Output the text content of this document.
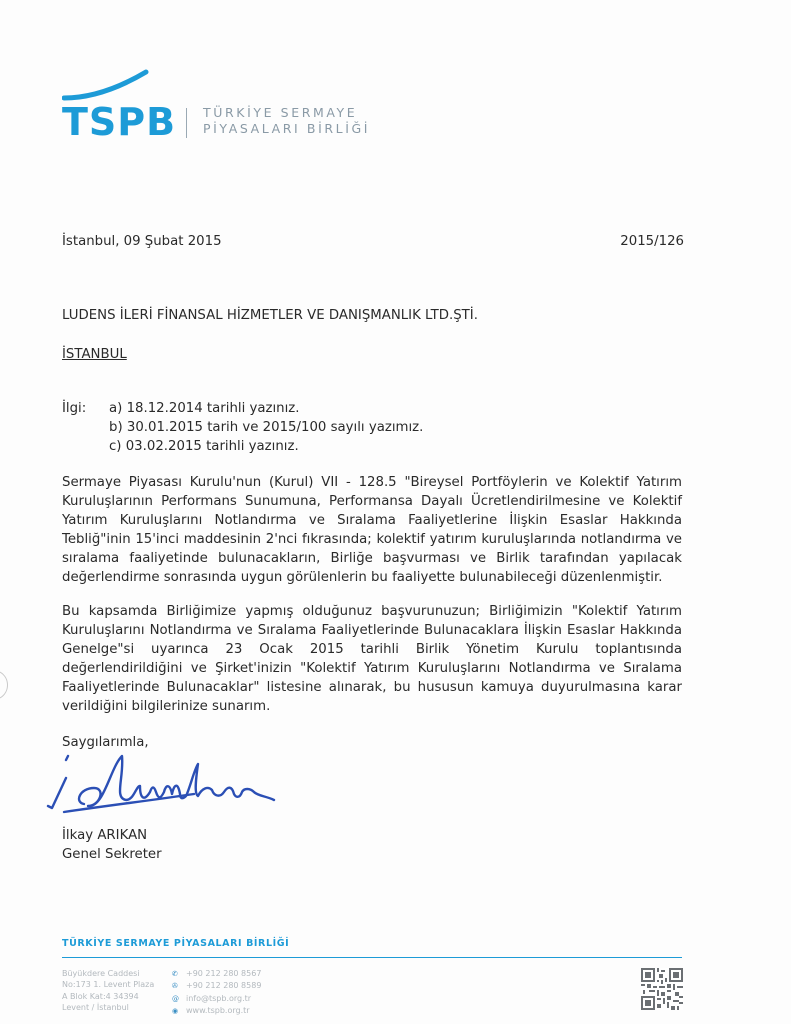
TSPB TÜRKİYE SERMAYE
PİYASALARI BİRLİĞİ
İstanbul, 09 Şubat 2015	2015/126
LUDENS İLERİ FİNANSAL HİZMETLER VE DANIŞMANLIK LTD.ŞTİ.
İSTANBUL
İlgi: a) 18.12.2014 tarihli yazınız.
b) 30.01.2015 tarih ve 2015/100 sayılı yazımız.
c) 03.02.2015 tarihli yazınız.
Sermaye Piyasası Kurulu'nun (Kurul) VII - 128.5 "Bireysel Portföylerin ve Kolektif Yatırım Kuruluşlarının Performans Sunumuna, Performansa Dayalı Ücretlendirilmesine ve Kolektif Yatırım Kuruluşlarını Notlandırma ve Sıralama Faaliyetlerine İlişkin Esaslar Hakkında Tebliğ"inin 15'inci maddesinin 2'nci fıkrasında; kolektif yatırım kuruluşlarında notlandırma ve sıralama faaliyetinde bulunacakların, Birliğe başvurması ve Birlik tarafından yapılacak değerlendirme sonrasında uygun görülenlerin bu faaliyette bulunabileceği düzenlenmiştir.
Bu kapsamda Birliğimize yapmış olduğunuz başvurunuzun; Birliğimizin "Kolektif Yatırım Kuruluşlarını Notlandırma ve Sıralama Faaliyetlerinde Bulunacaklara İlişkin Esaslar Hakkında Genelge"si uyarınca 23 Ocak 2015 tarihli Birlik Yönetim Kurulu toplantısında değerlendirildiğini ve Şirket'inizin "Kolektif Yatırım Kuruluşlarını Notlandırma ve Sıralama Faaliyetlerinde Bulunacaklar" listesine alınarak, bu hususun kamuya duyurulmasına karar verildiğini bilgilerinize sunarım.
Saygılarımla,
İlkay ARIKAN
Genel Sekreter
TÜRKİYE SERMAYE PİYASALARI BİRLİĞİ
Büyükdere Caddesi
No:173 1. Levent Plaza
A Blok Kat:4 34394
Levent / İstanbul
✆ +90 212 280 8567
✇ +90 212 280 8589
@ info@tspb.org.tr
◉ www.tspb.org.tr
